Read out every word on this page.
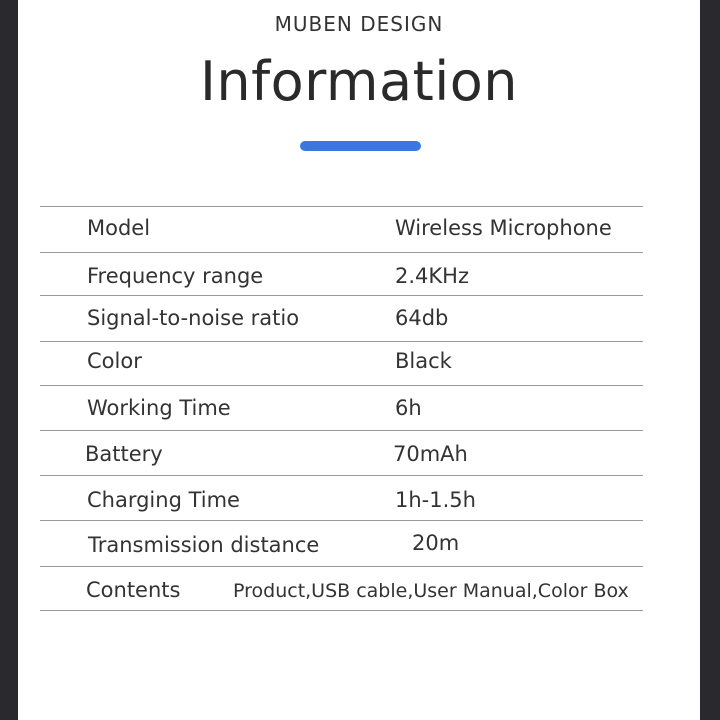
MUBEN DESIGN
Information
Model	Wireless Microphone
Frequency range	2.4KHz
Signal-to-noise ratio	64db
Color	Black
Working Time	6h
Battery	70mAh
Charging Time	1h-1.5h
Transmission distance	20m
Contents	Product,USB cable,User Manual,Color Box
